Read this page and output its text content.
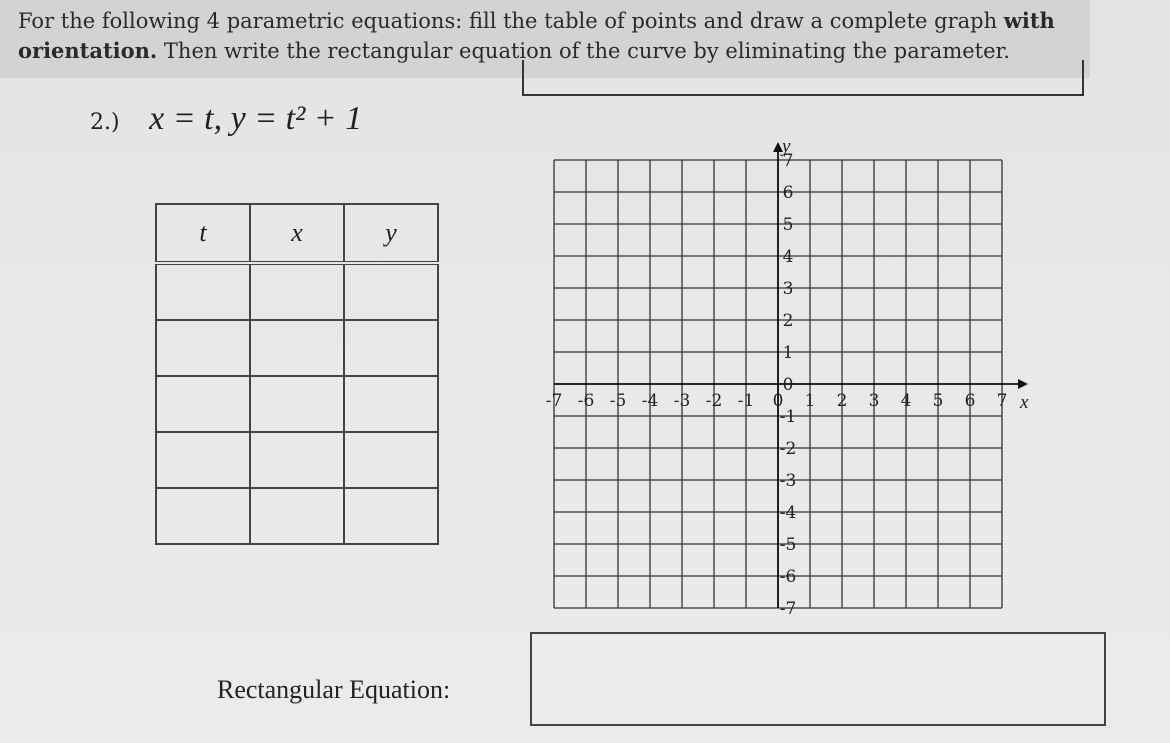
For the following 4 parametric equations: fill the table of points and draw a complete graph with
orientation. Then write the rectangular equation of the curve by eliminating the parameter.
2.) x = t, y = t² + 1
t	x	y

-7 -6 -5 -4 -3 -2 -1 0 1 2 3 4 5 6 7
7
6
5
4
3
2
1
0
-1
-2
-3
-4
-5
-6
-7
x
y
Rectangular Equation:
